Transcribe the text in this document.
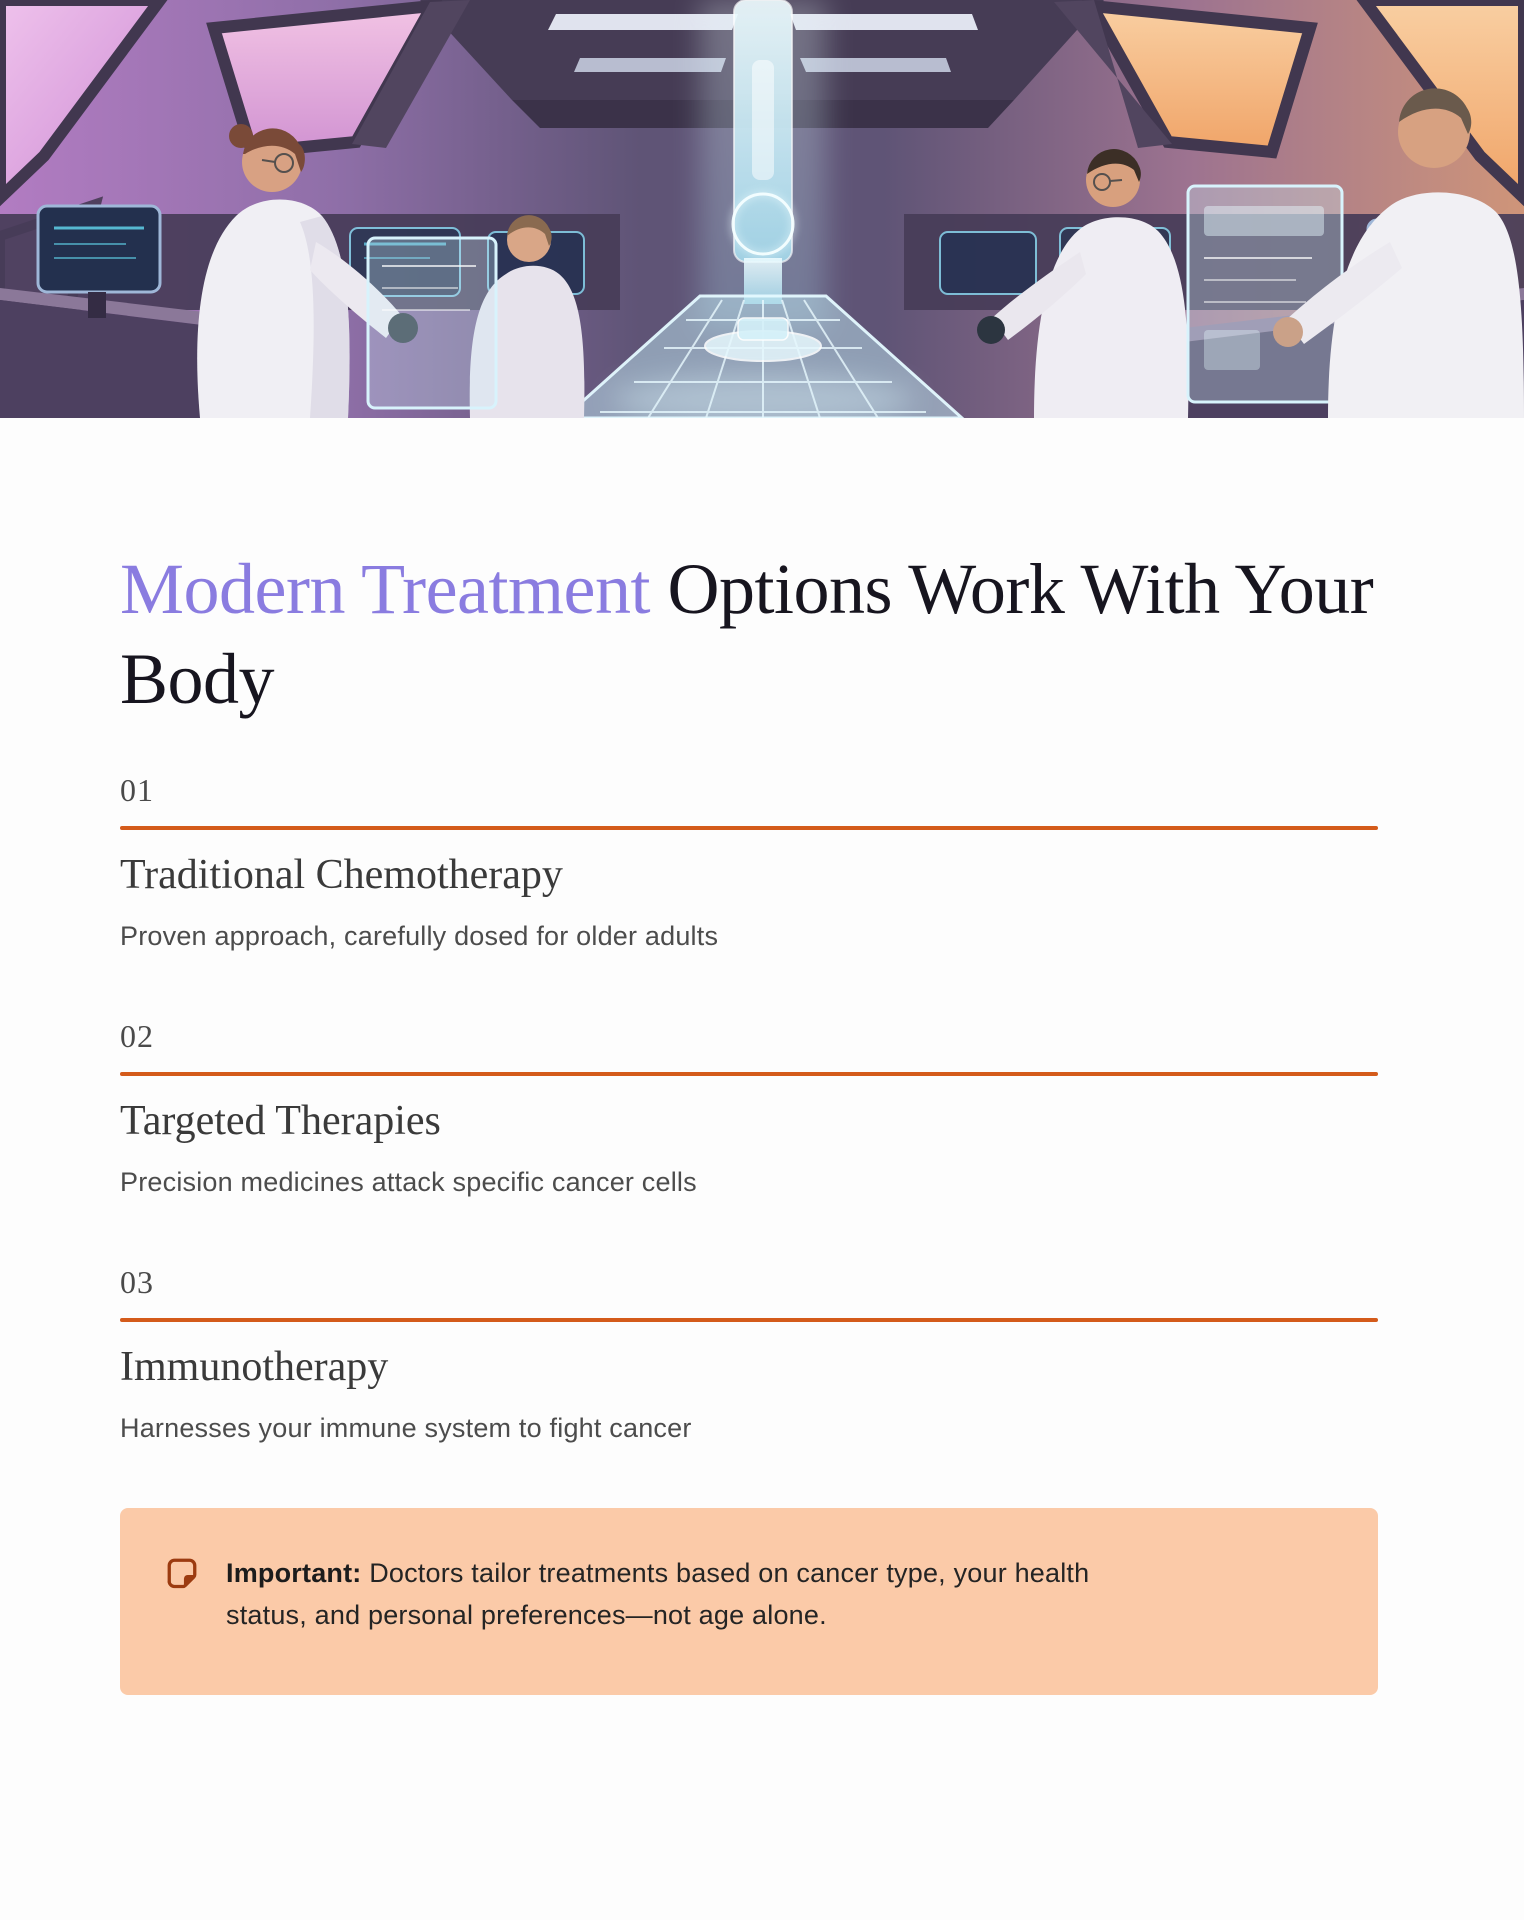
Modern Treatment Options Work With Your Body
01
Traditional Chemotherapy
Proven approach, carefully dosed for older adults
02
Targeted Therapies
Precision medicines attack specific cancer cells
03
Immunotherapy
Harnesses your immune system to fight cancer

Important: Doctors tailor treatments based on cancer type, your health status, and personal preferences—not age alone.
